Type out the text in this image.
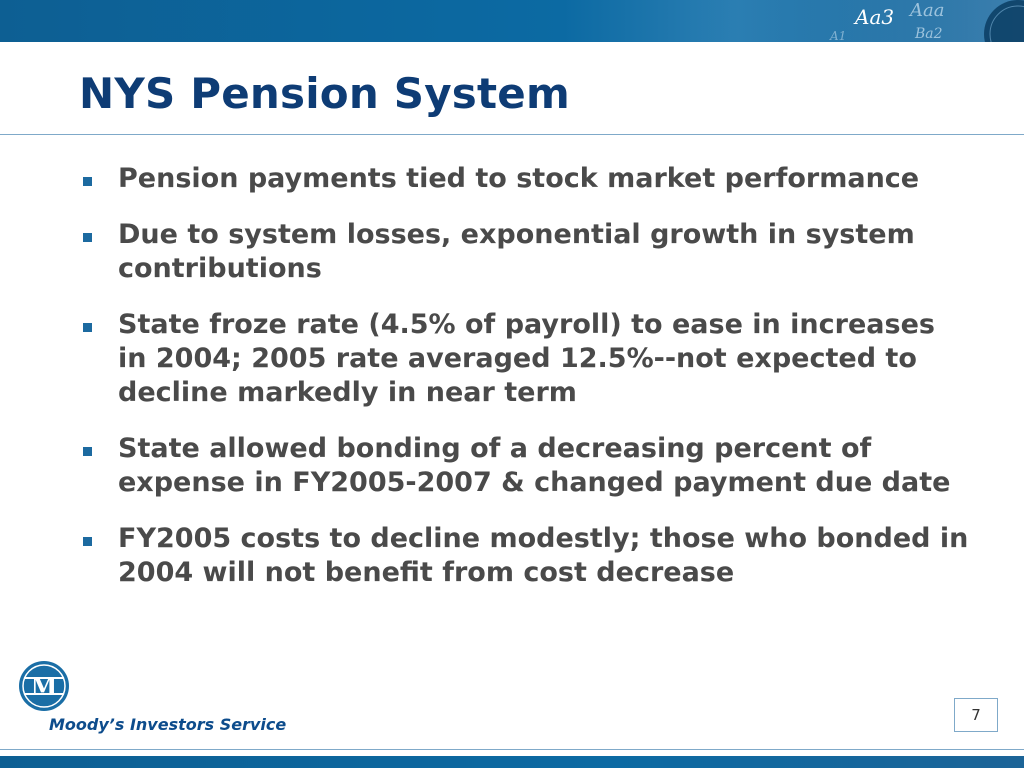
Aa3 Aaa
Ba2
A1
NYS Pension System
Pension payments tied to stock market performance
Due to system losses, exponential growth in system contributions
State froze rate (4.5% of payroll) to ease in increases in 2004; 2005 rate averaged 12.5%--not expected to decline markedly in near term
State allowed bonding of a decreasing percent of expense in FY2005-2007 & changed payment due date
FY2005 costs to decline modestly; those who bonded in 2004 will not benefit from cost decrease
M
Moody’s Investors Service	7
